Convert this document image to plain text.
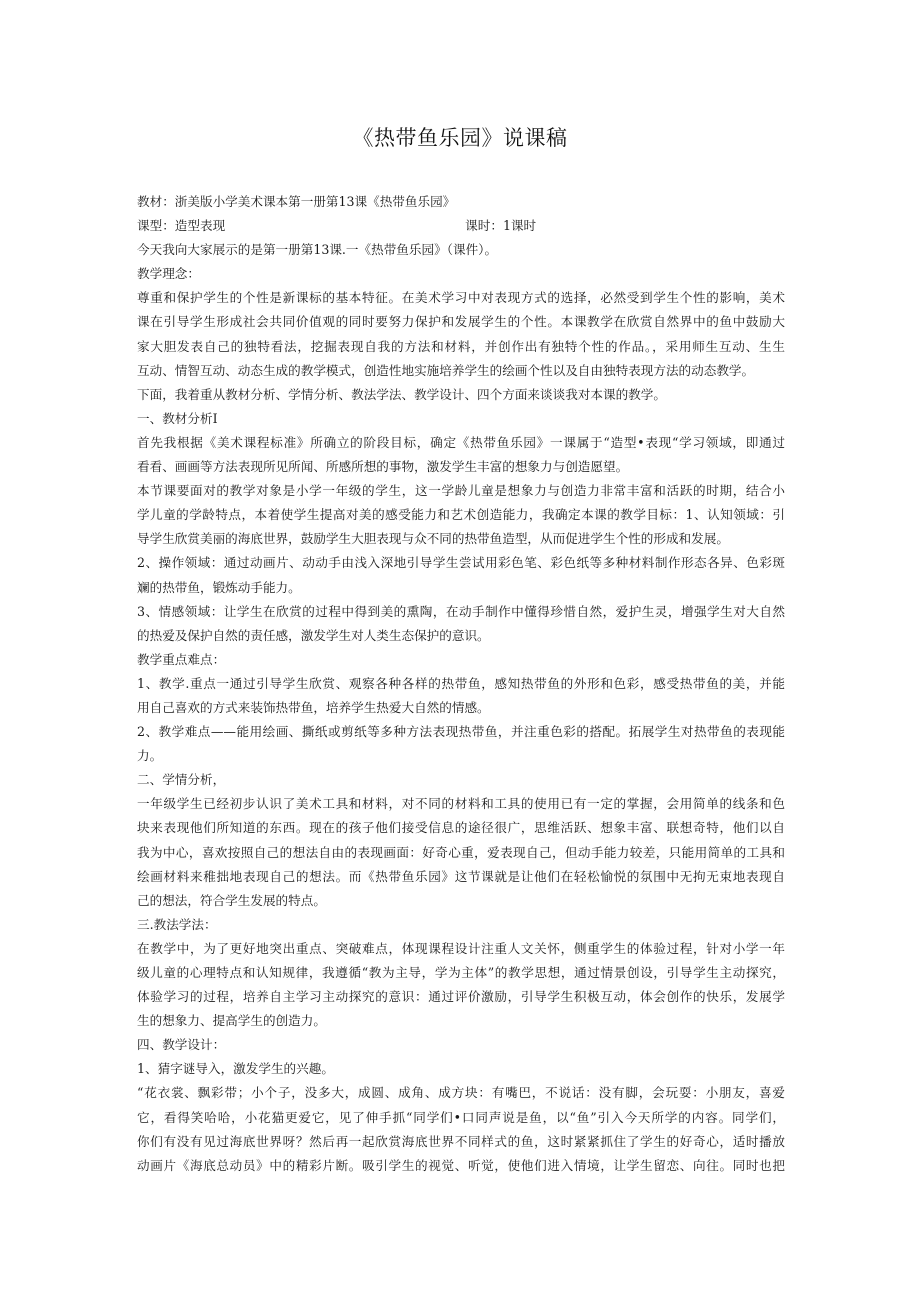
《热带鱼乐园》说课稿
教材：浙美版小学美术课本第一册第13课《热带鱼乐园》
课型：造型表现	课时：1课时
今天我向大家展示的是第一册第13课.一《热带鱼乐园》（课件）。
教学理念：
尊重和保护学生的个性是新课标的基本特征。在美术学习中对表现方式的选择，必然受到学生个性的影响，美术
课在引导学生形成社会共同价值观的同时要努力保护和发展学生的个性。本课教学在欣赏自然界中的鱼中鼓励大
家大胆发表自己的独特看法，挖掘表现自我的方法和材料，并创作出有独特个性的作品。，采用师生互动、生生
互动、情智互动、动态生成的教学模式，创造性地实施培养学生的绘画个性以及自由独特表现方法的动态教学。
下面，我着重从教材分析、学情分析、教法学法、教学设计、四个方面来谈谈我对本课的教学。
一、教材分析I
首先我根据《美术课程标准》所确立的阶段目标，确定《热带鱼乐园》一课属于“造型•表现“学习领域，即通过
看看、画画等方法表现所见所闻、所感所想的事物，激发学生丰富的想象力与创造愿望。
本节课要面对的教学对象是小学一年级的学生，这一学龄儿童是想象力与创造力非常丰富和活跃的时期，结合小
学儿童的学龄特点，本着使学生提高对美的感受能力和艺术创造能力，我确定本课的教学目标：1、认知领域：引
导学生欣赏美丽的海底世界，鼓励学生大胆表现与众不同的热带鱼造型，从而促进学生个性的形成和发展。
2、操作领域：通过动画片、动动手由浅入深地引导学生尝试用彩色笔、彩色纸等多种材料制作形态各异、色彩斑
斓的热带鱼，锻炼动手能力。
3、情感领域：让学生在欣赏的过程中得到美的熏陶，在动手制作中懂得珍惜自然，爱护生灵，增强学生对大自然
的热爱及保护自然的责任感，激发学生对人类生态保护的意识。
教学重点难点：
1、教学.重点一通过引导学生欣赏、观察各种各样的热带鱼，感知热带鱼的外形和色彩，感受热带鱼的美，并能
用自己喜欢的方式来装饰热带鱼，培养学生热爱大自然的情感。
2、教学难点——能用绘画、撕纸或剪纸等多种方法表现热带鱼，并注重色彩的搭配。拓展学生对热带鱼的表现能
力。
二、学情分析，
一年级学生已经初步认识了美术工具和材料，对不同的材料和工具的使用已有一定的掌握，会用简单的线条和色
块来表现他们所知道的东西。现在的孩子他们接受信息的途径很广，思维活跃、想象丰富、联想奇特，他们以自
我为中心，喜欢按照自己的想法自由的表现画面：好奇心重，爱表现自己，但动手能力较差，只能用简单的工具和
绘画材料来稚拙地表现自己的想法。而《热带鱼乐园》这节课就是让他们在轻松愉悦的氛围中无拘无束地表现自
己的想法，符合学生发展的特点。
三.教法学法：
在教学中，为了更好地突出重点、突破难点，体现课程设计注重人文关怀，侧重学生的体验过程，针对小学一年
级儿童的心理特点和认知规律，我遵循“教为主导，学为主体”的教学思想，通过情景创设，引导学生主动探究，
体验学习的过程，培养自主学习主动探究的意识：通过评价激励，引导学生积极互动，体会创作的快乐，发展学
生的想象力、提高学生的创造力。
四、教学设计：
1、猜字谜导入，激发学生的兴趣。
“花衣裳、飘彩带；小个子，没多大，成圆、成角、成方块：有嘴巴，不说话：没有脚，会玩耍：小朋友，喜爱
它，看得笑哈哈，小花猫更爱它，见了伸手抓“同学们•口同声说是鱼，以“鱼”引入今天所学的内容。同学们，
你们有没有见过海底世界呀？然后再一起欣赏海底世界不同样式的鱼，这时紧紧抓住了学生的好奇心，适时播放
动画片《海底总动员》中的精彩片断。吸引学生的视觉、听觉，使他们进入情境，让学生留恋、向往。同时也把
